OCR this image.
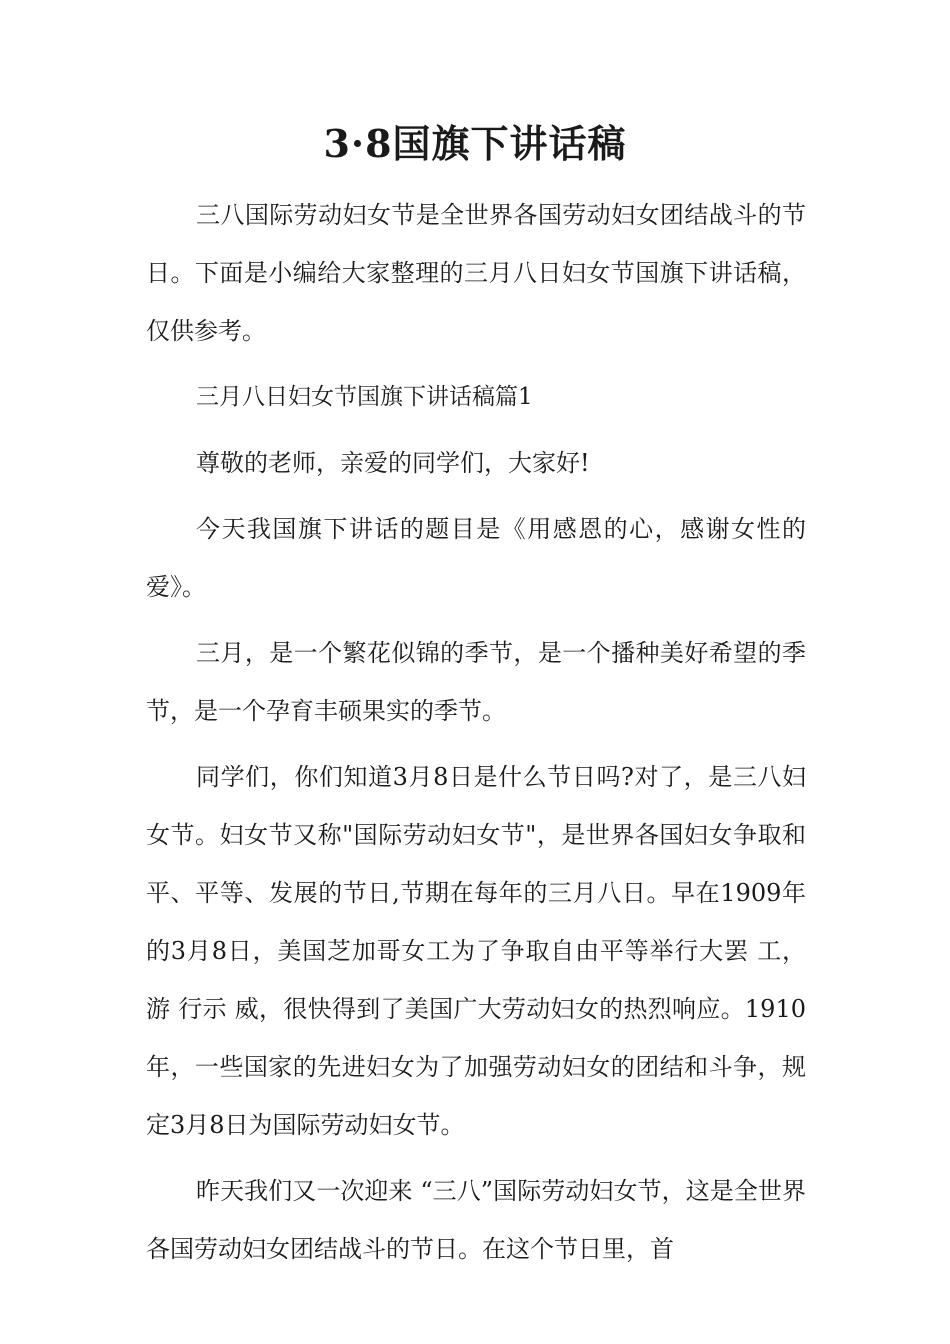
3·8国旗下讲话稿

三八国际劳动妇女节是全世界各国劳动妇女团结战斗的节日。下面是小编给大家整理的三月八日妇女节国旗下讲话稿，仅供参考。

三月八日妇女节国旗下讲话稿篇1

尊敬的老师，亲爱的同学们，大家好!

今天我国旗下讲话的题目是《用感恩的心，感谢女性的爱》。

三月，是一个繁花似锦的季节，是一个播种美好希望的季节，是一个孕育丰硕果实的季节。

同学们，你们知道3月8日是什么节日吗?对了，是三八妇女节。妇女节又称"国际劳动妇女节"，是世界各国妇女争取和平、平等、发展的节日,节期在每年的三月八日。早在1909年的3月8日，美国芝加哥女工为了争取自由平等举行大罢 工，游 行示 威，很快得到了美国广大劳动妇女的热烈响应。1910年，一些国家的先进妇女为了加强劳动妇女的团结和斗争，规定3月8日为国际劳动妇女节。

昨天我们又一次迎来 “三八”国际劳动妇女节，这是全世界各国劳动妇女团结战斗的节日。在这个节日里，首
